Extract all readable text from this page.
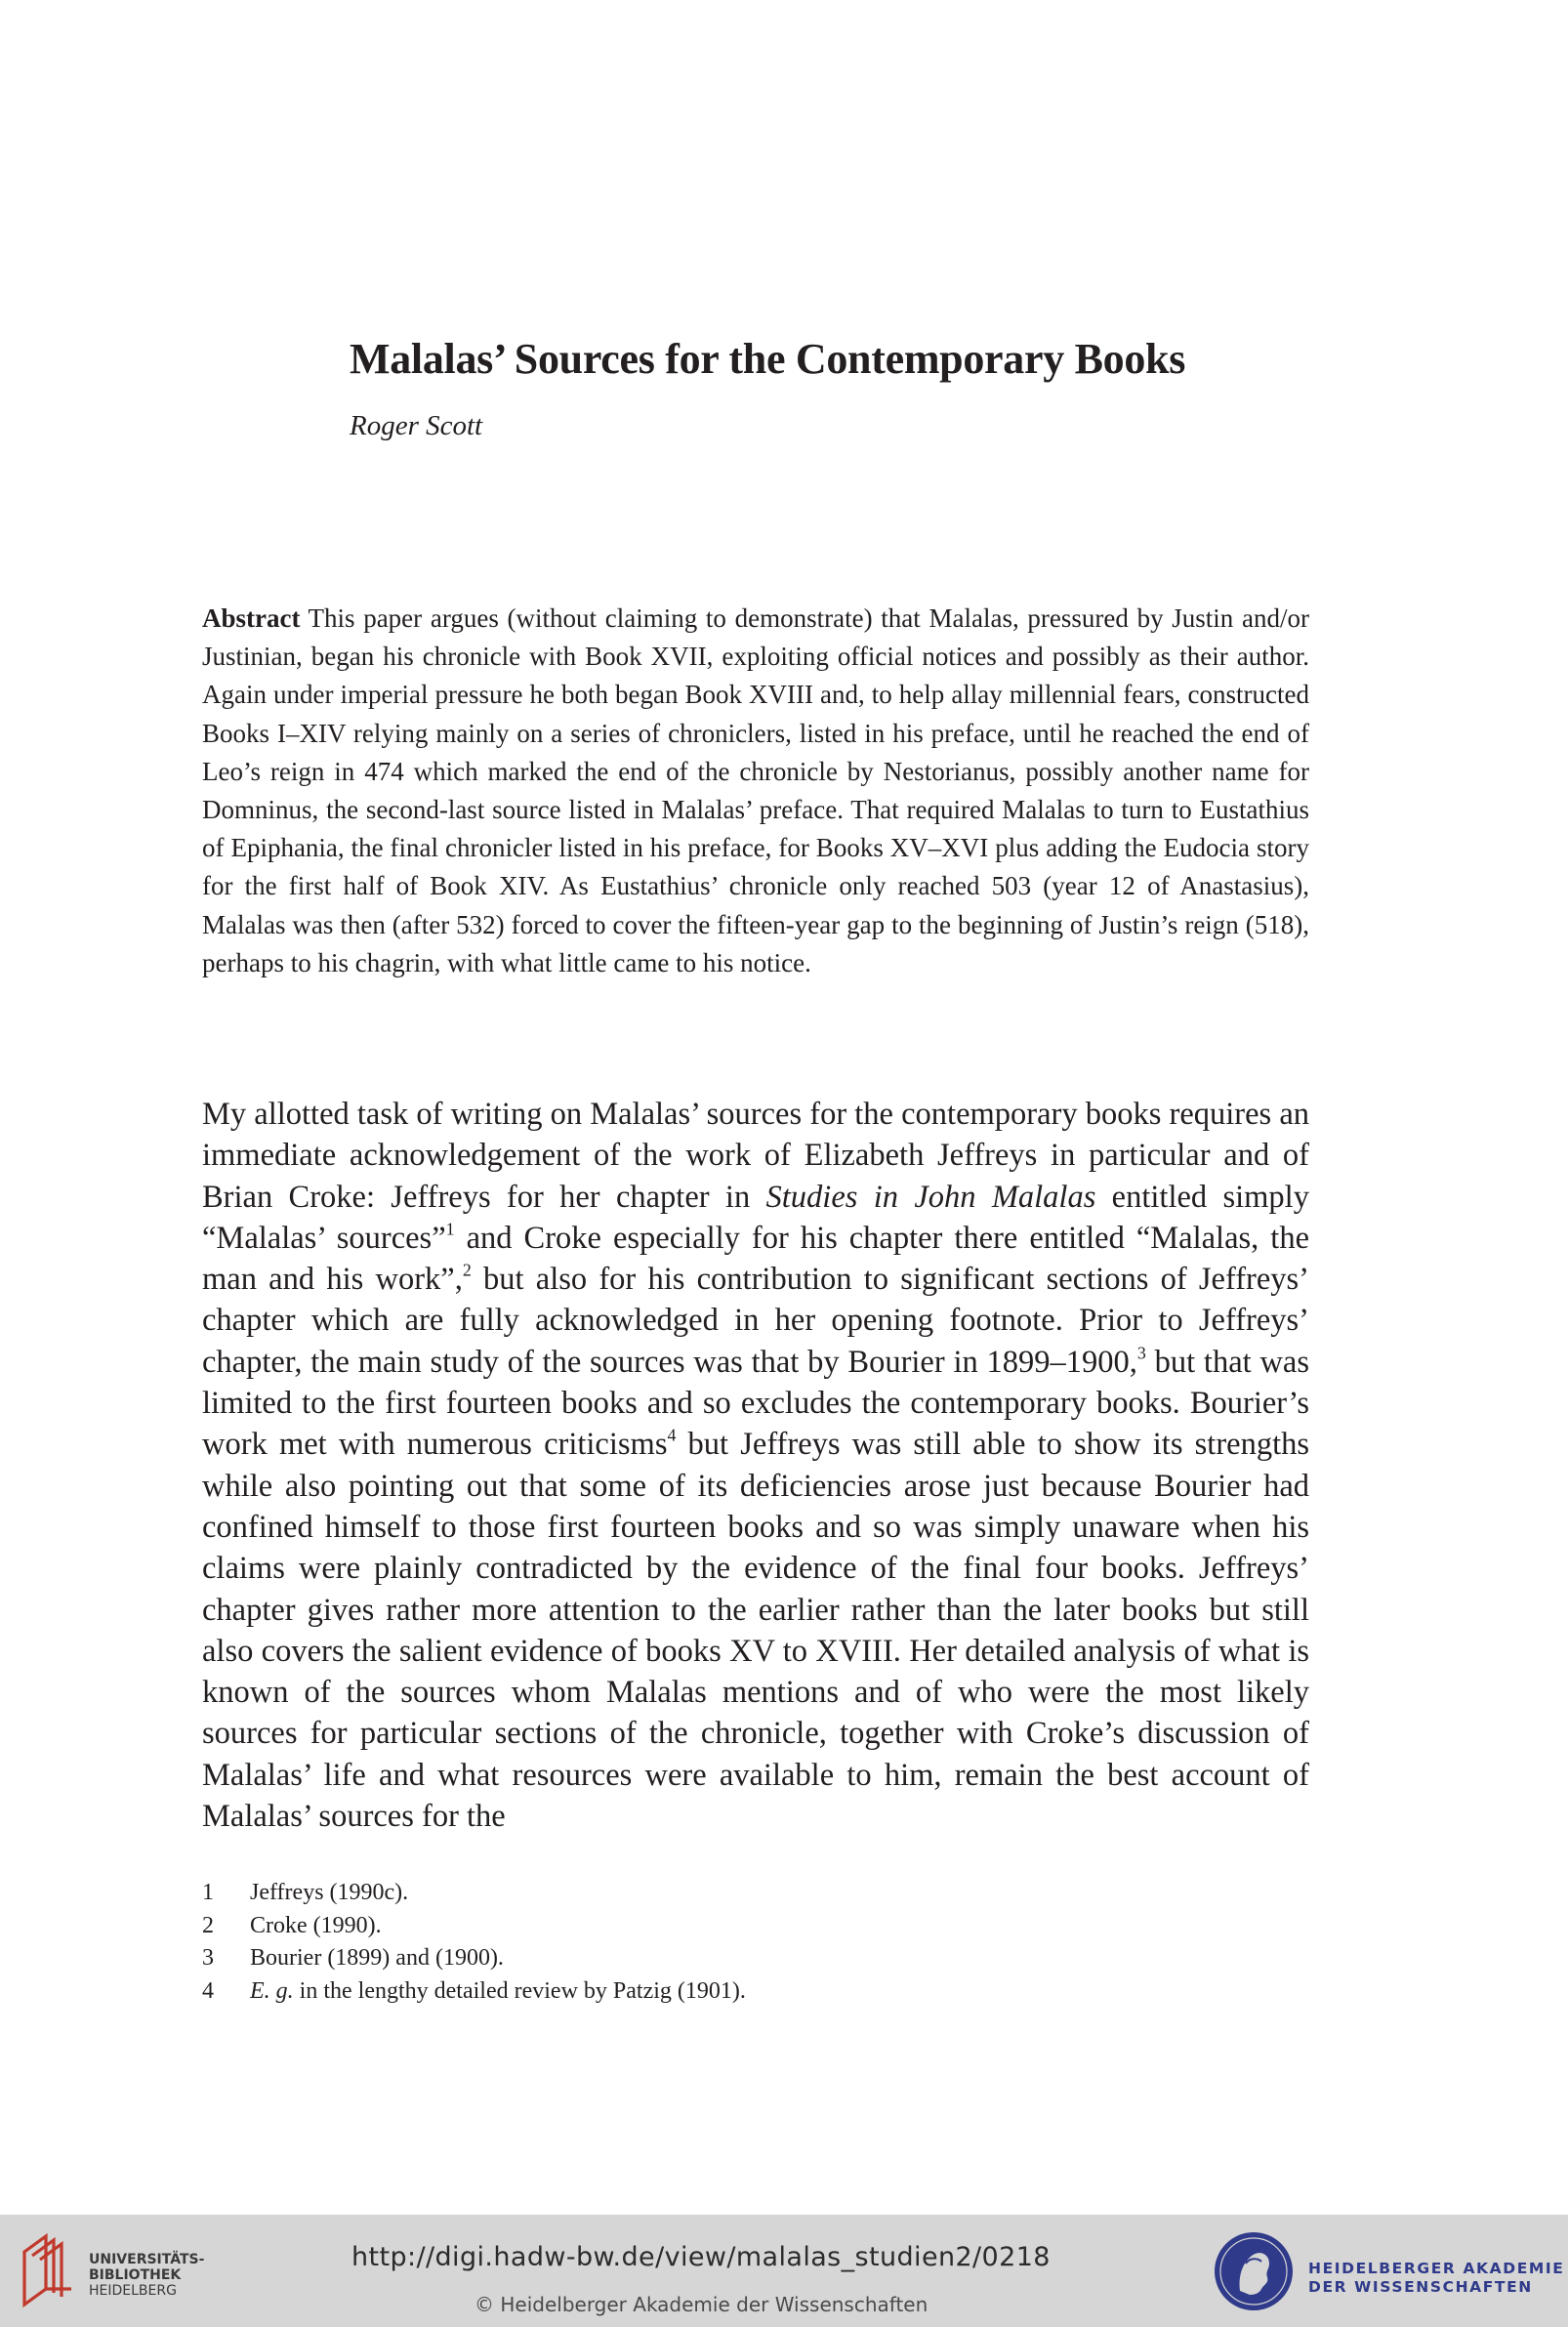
Malalas’ Sources for the Contemporary Books

Roger Scott

Abstract This paper argues (without claiming to demonstrate) that Malalas, pressured by Justin and/or Justinian, began his chronicle with Book XVII, exploiting official notices and possibly as their author. Again under imperial pressure he both began Book XVIII and, to help allay millennial fears, constructed Books I–XIV relying mainly on a series of chroniclers, listed in his preface, until he reached the end of Leo’s reign in 474 which marked the end of the chronicle by Nestorianus, possibly another name for Domninus, the second-last source listed in Malalas’ preface. That required Malalas to turn to Eustathius of Epiphania, the final chronicler listed in his preface, for Books XV–XVI plus adding the Eudocia story for the first half of Book XIV. As Eustathius’ chronicle only reached 503 (year 12 of Anastasius), Malalas was then (after 532) forced to cover the fifteen-year gap to the beginning of Justin’s reign (518), perhaps to his chagrin, with what little came to his notice.

My allotted task of writing on Malalas’ sources for the contemporary books requires an immediate acknowledgement of the work of Elizabeth Jeffreys in particular and of Brian Croke: Jeffreys for her chapter in Studies in John Malalas entitled simply “Malalas’ sources”$^1$ and Croke especially for his chapter there entitled “Malalas, the man and his work”,$^2$ but also for his contribution to significant sections of Jeffreys’ chapter which are fully acknowledged in her opening footnote. Prior to Jeffreys’ chapter, the main study of the sources was that by Bourier in 1899–1900,$^3$ but that was limited to the first fourteen books and so excludes the contemporary books. Bourier’s work met with numerous criticisms$^4$ but Jeffreys was still able to show its strengths while also pointing out that some of its deficiencies arose just because Bourier had confined himself to those first fourteen books and so was simply unaware when his claims were plainly contradicted by the evidence of the final four books. Jeffreys’ chapter gives rather more attention to the earlier rather than the later books but still also covers the salient evidence of books XV to XVIII. Her detailed analysis of what is known of the sources whom Malalas mentions and of who were the most likely sources for particular sections of the chronicle, together with Croke’s discussion of Malalas’ life and what resources were available to him, remain the best account of Malalas’ sources for the

1	Jeffreys (1990c).
2	Croke (1990).
3	Bourier (1899) and (1900).
4	E. g. in the lengthy detailed review by Patzig (1901).
UNIVERSITÄTS-
BIBLIOTHEK
HEIDELBERG
http://digi.hadw-bw.de/view/malalas_studien2/0218
© Heidelberger Akademie der Wissenschaften
HEIDELBERGER AKADEMIE
DER WISSENSCHAFTEN
